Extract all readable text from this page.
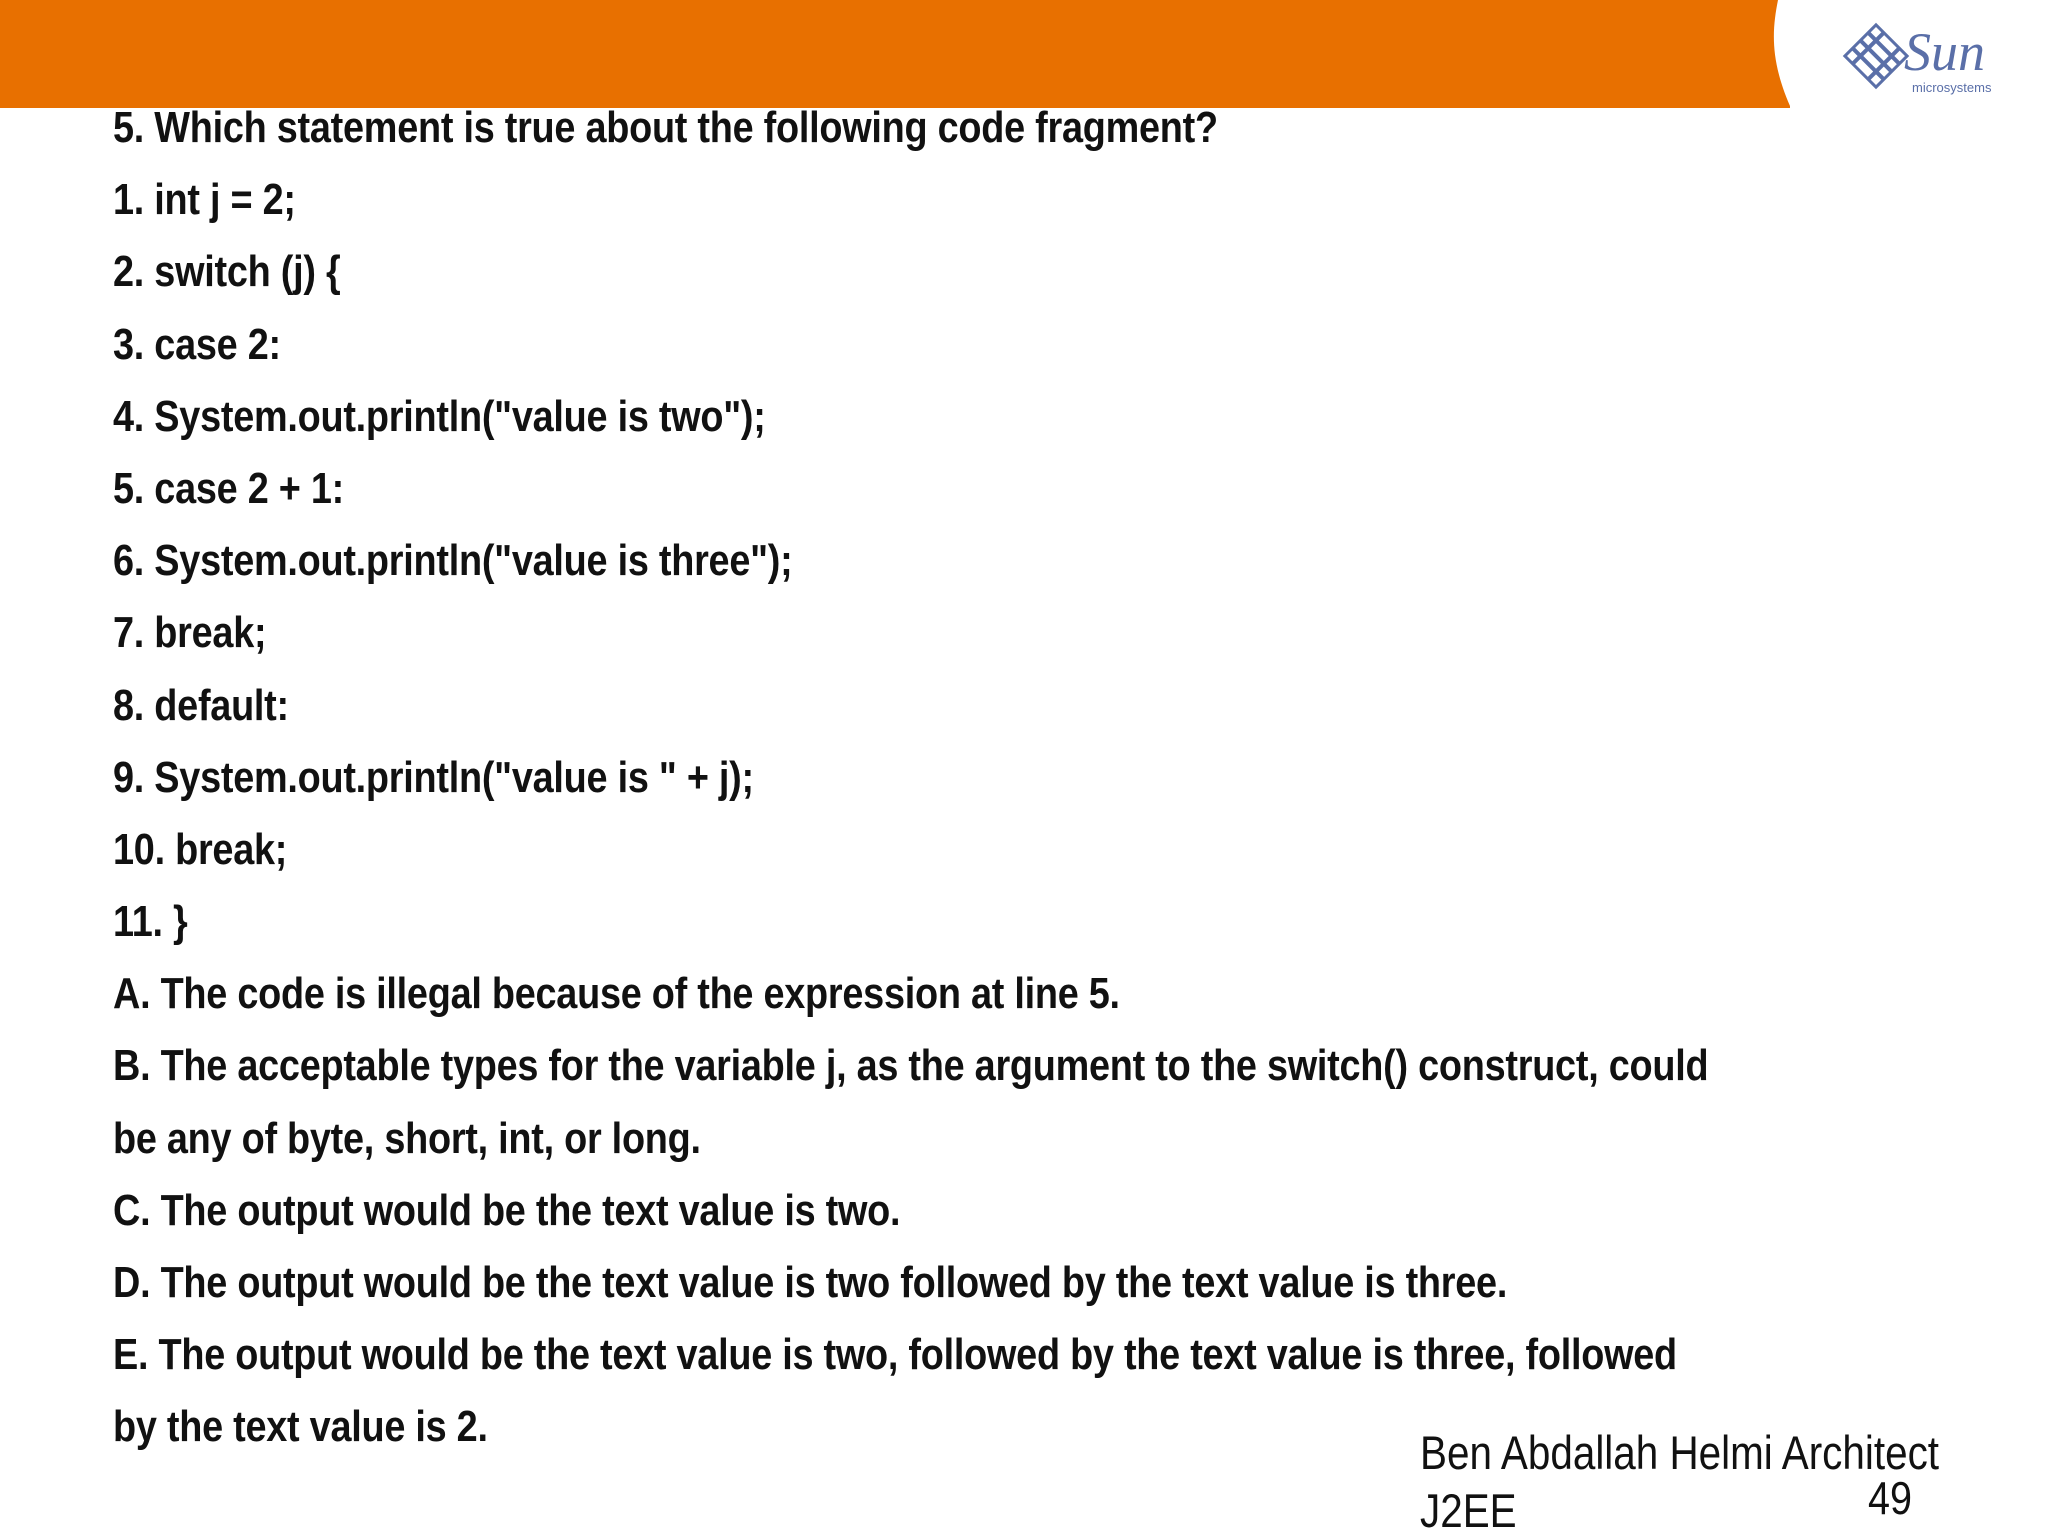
Sun
microsystems
5. Which statement is true about the following code fragment?
1. int j = 2;
2. switch (j) {
3. case 2:
4. System.out.println("value is two");
5. case 2 + 1:
6. System.out.println("value is three");
7. break;
8. default:
9. System.out.println("value is " + j);
10. break;
11. }
A. The code is illegal because of the expression at line 5.
B. The acceptable types for the variable j, as the argument to the switch() construct, could
be any of byte, short, int, or long.
C. The output would be the text value is two.
D. The output would be the text value is two followed by the text value is three.
E. The output would be the text value is two, followed by the text value is three, followed
by the text value is 2.	Ben Abdallah Helmi Architect
J2EE	49
